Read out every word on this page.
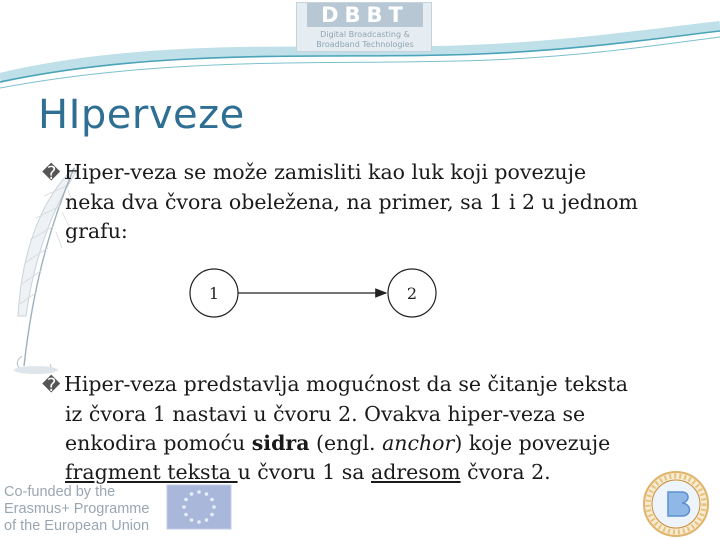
DBBT
Digital Broadcasting &
Broadband Technologies
HIperveze
� Hiper-veza se može zamisliti kao luk koji povezuje
neka dva čvora obeležena, na primer, sa 1 i 2 u jednom
grafu:
1	2
� Hiper-veza predstavlja mogućnost da se čitanje teksta
iz čvora 1 nastavi u čvoru 2. Ovakva hiper-veza se
enkodira pomoću sidra (engl. anchor) koje povezuje
fragment teksta u čvoru 1 sa adresom čvora 2.
Co-funded by the
Erasmus+ Programme
of the European Union
